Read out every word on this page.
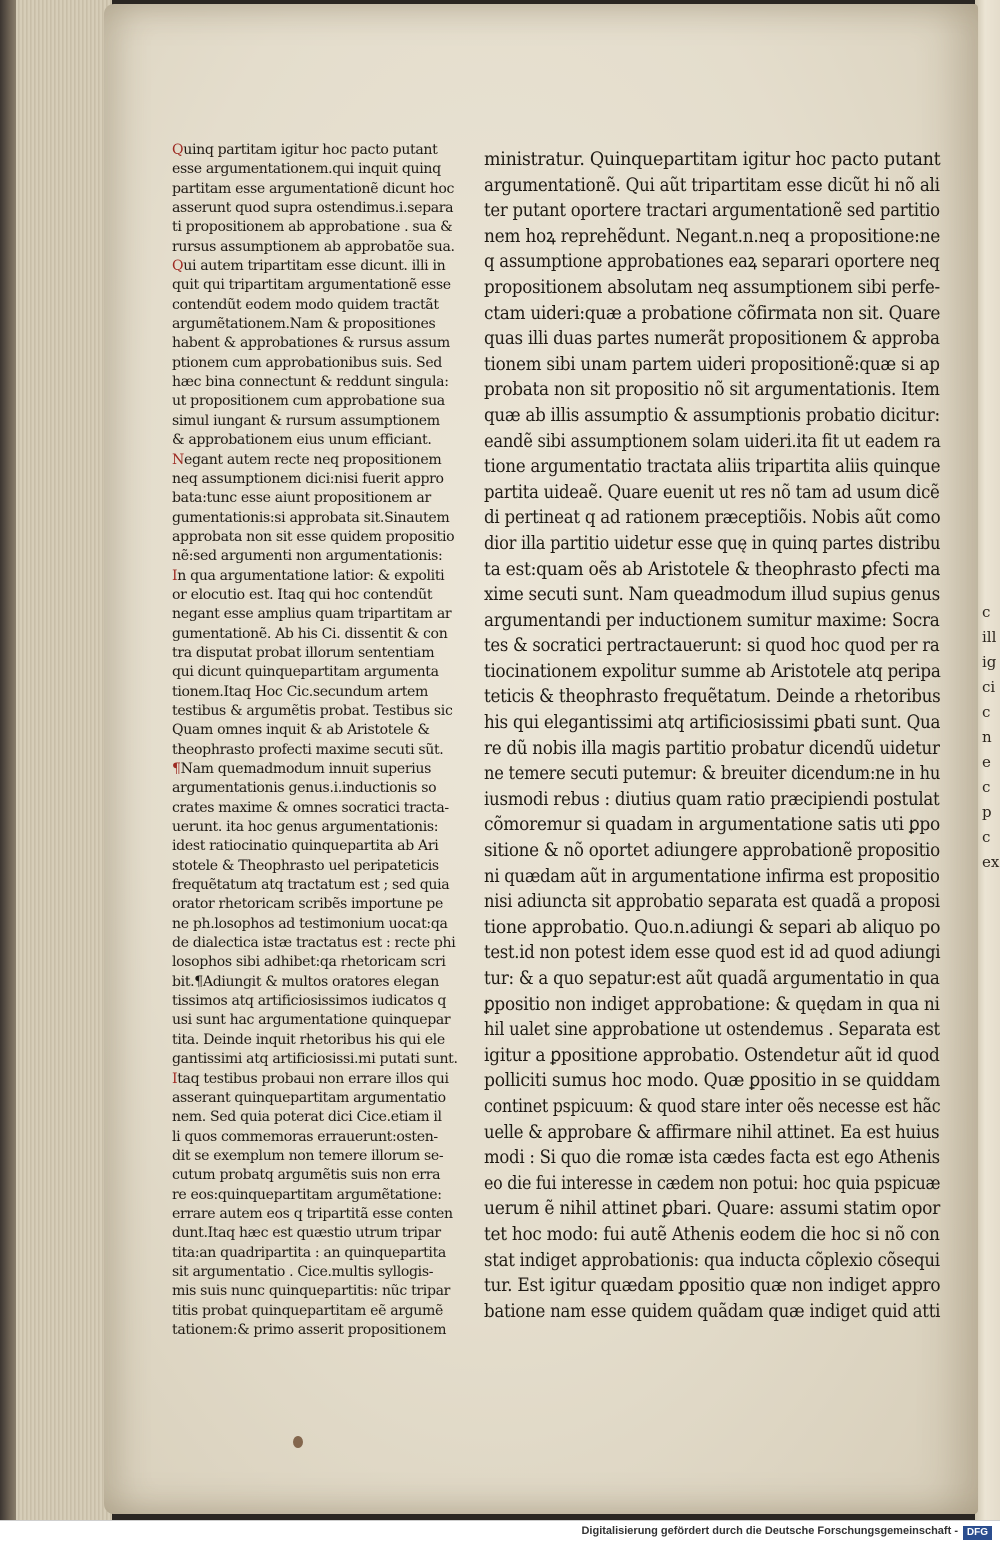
Quinq partitam igitur hoc pacto putant
esse argumentationem.qui inquit quinq
partitam esse argumentationẽ dicunt hoc
asserunt quod supra ostendimus.i.separa
ti propositionem ab approbatione . sua &
rursus assumptionem ab approbatõe sua.
Qui autem tripartitam esse dicunt. illi in
quit qui tripartitam argumentationẽ esse
contendũt eodem modo quidem tractãt
argumẽtationem.Nam & propositiones
habent & approbationes & rursus assum
ptionem cum approbationibus suis. Sed
hæc bina connectunt & reddunt singula:
ut propositionem cum approbatione sua
simul iungant & rursum assumptionem
& approbationem eius unum efficiant.
Negant autem recte neq propositionem
neq assumptionem dici:nisi fuerit appro
bata:tunc esse aiunt propositionem ar
gumentationis:si approbata sit.Sinautem
approbata non sit esse quidem propositio
nẽ:sed argumenti non argumentationis:
In qua argumentatione latior: & expoliti
or elocutio est. Itaq qui hoc contendũt
negant esse amplius quam tripartitam ar
gumentationẽ. Ab his Ci. dissentit & con
tra disputat probat illorum sententiam
qui dicunt quinquepartitam argumenta
tionem.Itaq Hoc Cic.secundum artem
testibus & argumẽtis probat. Testibus sic
Quam omnes inquit & ab Aristotele &
theophrasto profecti maxime secuti sũt.
¶Nam quemadmodum innuit superius
argumentationis genus.i.inductionis so
crates maxime & omnes socratici tracta-
uerunt. ita hoc genus argumentationis:
idest ratiocinatio quinquepartita ab Ari
stotele & Theophrasto uel peripateticis
frequẽtatum atq tractatum est ; sed quia
orator rhetoricam scribẽs importune pe
ne ph.losophos ad testimonium uocat:qa
de dialectica istæ tractatus est : recte phi
losophos sibi adhibet:qa rhetoricam scri
bit.¶Adiungit & multos oratores elegan
tissimos atq artificiosissimos iudicatos q
usi sunt hac argumentatione quinquepar
tita. Deinde inquit rhetoribus his qui ele
gantissimi atq artificiosissi.mi putati sunt.
Itaq testibus probaui non errare illos qui
asserant quinquepartitam argumentatio
nem. Sed quia poterat dici Cice.etiam il
li quos commemoras errauerunt:osten-
dit se exemplum non temere illorum se-
cutum probatq argumẽtis suis non erra
re eos:quinquepartitam argumẽtatione:
errare autem eos q tripartitã esse conten
dunt.Itaq hæc est quæstio utrum tripar
tita:an quadripartita : an quinquepartita
sit argumentatio . Cice.multis syllogis-
mis suis nunc quinquepartitis: nũc tripar
titis probat quinquepartitam eẽ argumẽ
tationem:& primo asserit propositionem
ministratur. Quinquepartitam igitur hoc pacto putant
argumentationẽ. Qui aũt tripartitam esse dicũt hi nõ ali
ter putant oportere tractari argumentationẽ sed partitio
nem hoꝝ reprehẽdunt. Negant.n.neq a propositione:ne
q assumptione approbationes eaꝝ separari oportere neq
propositionem absolutam neq assumptionem sibi perfe-
ctam uideri:quæ a probatione cõfirmata non sit. Quare
quas illi duas partes numerãt propositionem & approba
tionem sibi unam partem uideri propositionẽ:quæ si ap
probata non sit propositio nõ sit argumentationis. Item
quæ ab illis assumptio & assumptionis probatio dicitur:
eandẽ sibi assumptionem solam uideri.ita fit ut eadem ra
tione argumentatio tractata aliis tripartita aliis quinque
partita uideaẽ. Quare euenit ut res nõ tam ad usum dicẽ
di pertineat q ad rationem præceptiõis. Nobis aũt como
dior illa partitio uidetur esse quę in quinq partes distribu
ta est:quam oẽs ab Aristotele & theophrasto ꝑfecti ma
xime secuti sunt. Nam queadmodum illud supius genus
argumentandi per inductionem sumitur maxime: Socra
tes & socratici pertractauerunt: si quod hoc quod per ra
tiocinationem expolitur summe ab Aristotele atq peripa
teticis & theophrasto frequẽtatum. Deinde a rhetoribus
his qui elegantissimi atq artificiosissimi ꝑbati sunt. Qua
re dũ nobis illa magis partitio probatur dicendũ uidetur
ne temere secuti putemur: & breuiter dicendum:ne in hu
iusmodi rebus : diutius quam ratio præcipiendi postulat
cõmoremur si quadam in argumentatione satis uti ꝑpo
sitione & nõ oportet adiungere approbationẽ propositio
ni quædam aũt in argumentatione infirma est propositio
nisi adiuncta sit approbatio separata est quadã a proposi
tione approbatio. Quo.n.adiungi & separi ab aliquo po
test.id non potest idem esse quod est id ad quod adiungi
tur: & a quo sepatur:est aũt quadã argumentatio in qua
ꝑpositio non indiget approbatione: & quędam in qua ni
hil ualet sine approbatione ut ostendemus . Separata est
igitur a ꝑpositione approbatio. Ostendetur aũt id quod
polliciti sumus hoc modo. Quæ ꝑpositio in se quiddam
continet pspicuum: & quod stare inter oẽs necesse est hãc
uelle & approbare & affirmare nihil attinet. Ea est huius
modi : Si quo die romæ ista cædes facta est ego Athenis
eo die fui interesse in cædem non potui: hoc quia pspicuæ
uerum ẽ nihil attinet ꝑbari. Quare: assumi statim opor
tet hoc modo: fui autẽ Athenis eodem die hoc si nõ con
stat indiget approbationis: qua inducta cõplexio cõsequi
tur. Est igitur quædam ꝑpositio quæ non indiget appro
batione nam esse quidem quãdam quæ indiget quid atti
c
ill
ig
ci
c
n
e
c
p
c
ex
Digitalisierung gefördert durch die Deutsche Forschungsgemeinschaft - DFG
